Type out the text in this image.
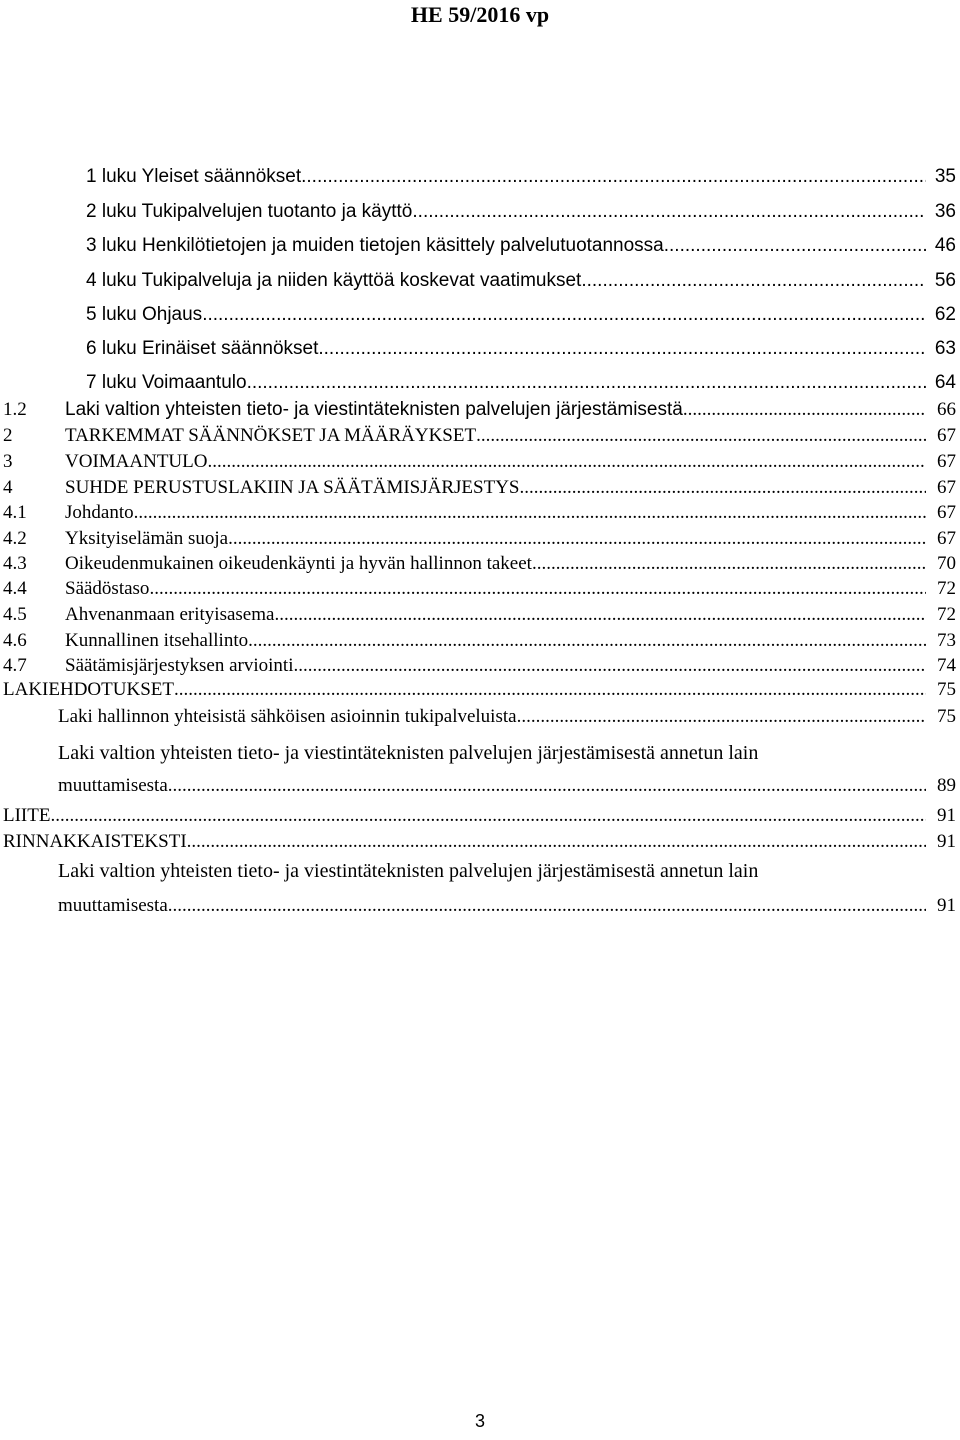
HE 59/2016 vp
1 luku Yleiset säännökset .....	35
2 luku Tukipalvelujen tuotanto ja käyttö .....	36
3 luku Henkilötietojen ja muiden tietojen käsittely palvelutuotannossa .....	46
4 luku Tukipalveluja ja niiden käyttöä koskevat vaatimukset .....	56
5 luku Ohjaus .....	62
6 luku Erinäiset säännökset .....	63
7 luku Voimaantulo .....	64
1.2	Laki valtion yhteisten tieto- ja viestintäteknisten palvelujen järjestämisestä .....	66
2	TARKEMMAT SÄÄNNÖKSET JA MÄÄRÄYKSET .....	67
3	VOIMAANTULO .....	67
4	SUHDE PERUSTUSLAKIIN JA SÄÄTÄMISJÄRJESTYS .....	67
4.1	Johdanto .....	67
4.2	Yksityiselämän suoja .....	67
4.3	Oikeudenmukainen oikeudenkäynti ja hyvän hallinnon takeet .....	70
4.4	Säädöstaso .....	72
4.5	Ahvenanmaan erityisasema .....	72
4.6	Kunnallinen itsehallinto .....	73
4.7	Säätämisjärjestyksen arviointi .....	74
LAKIEHDOTUKSET .....	75
Laki hallinnon yhteisistä sähköisen asioinnin tukipalveluista .....	75
Laki valtion yhteisten tieto- ja viestintäteknisten palvelujen järjestämisestä annetun lain
muuttamisesta .....	89
LIITE .....	91
RINNAKKAISTEKSTI .....	91
Laki valtion yhteisten tieto- ja viestintäteknisten palvelujen järjestämisestä annetun lain
muuttamisesta .....	91
3
